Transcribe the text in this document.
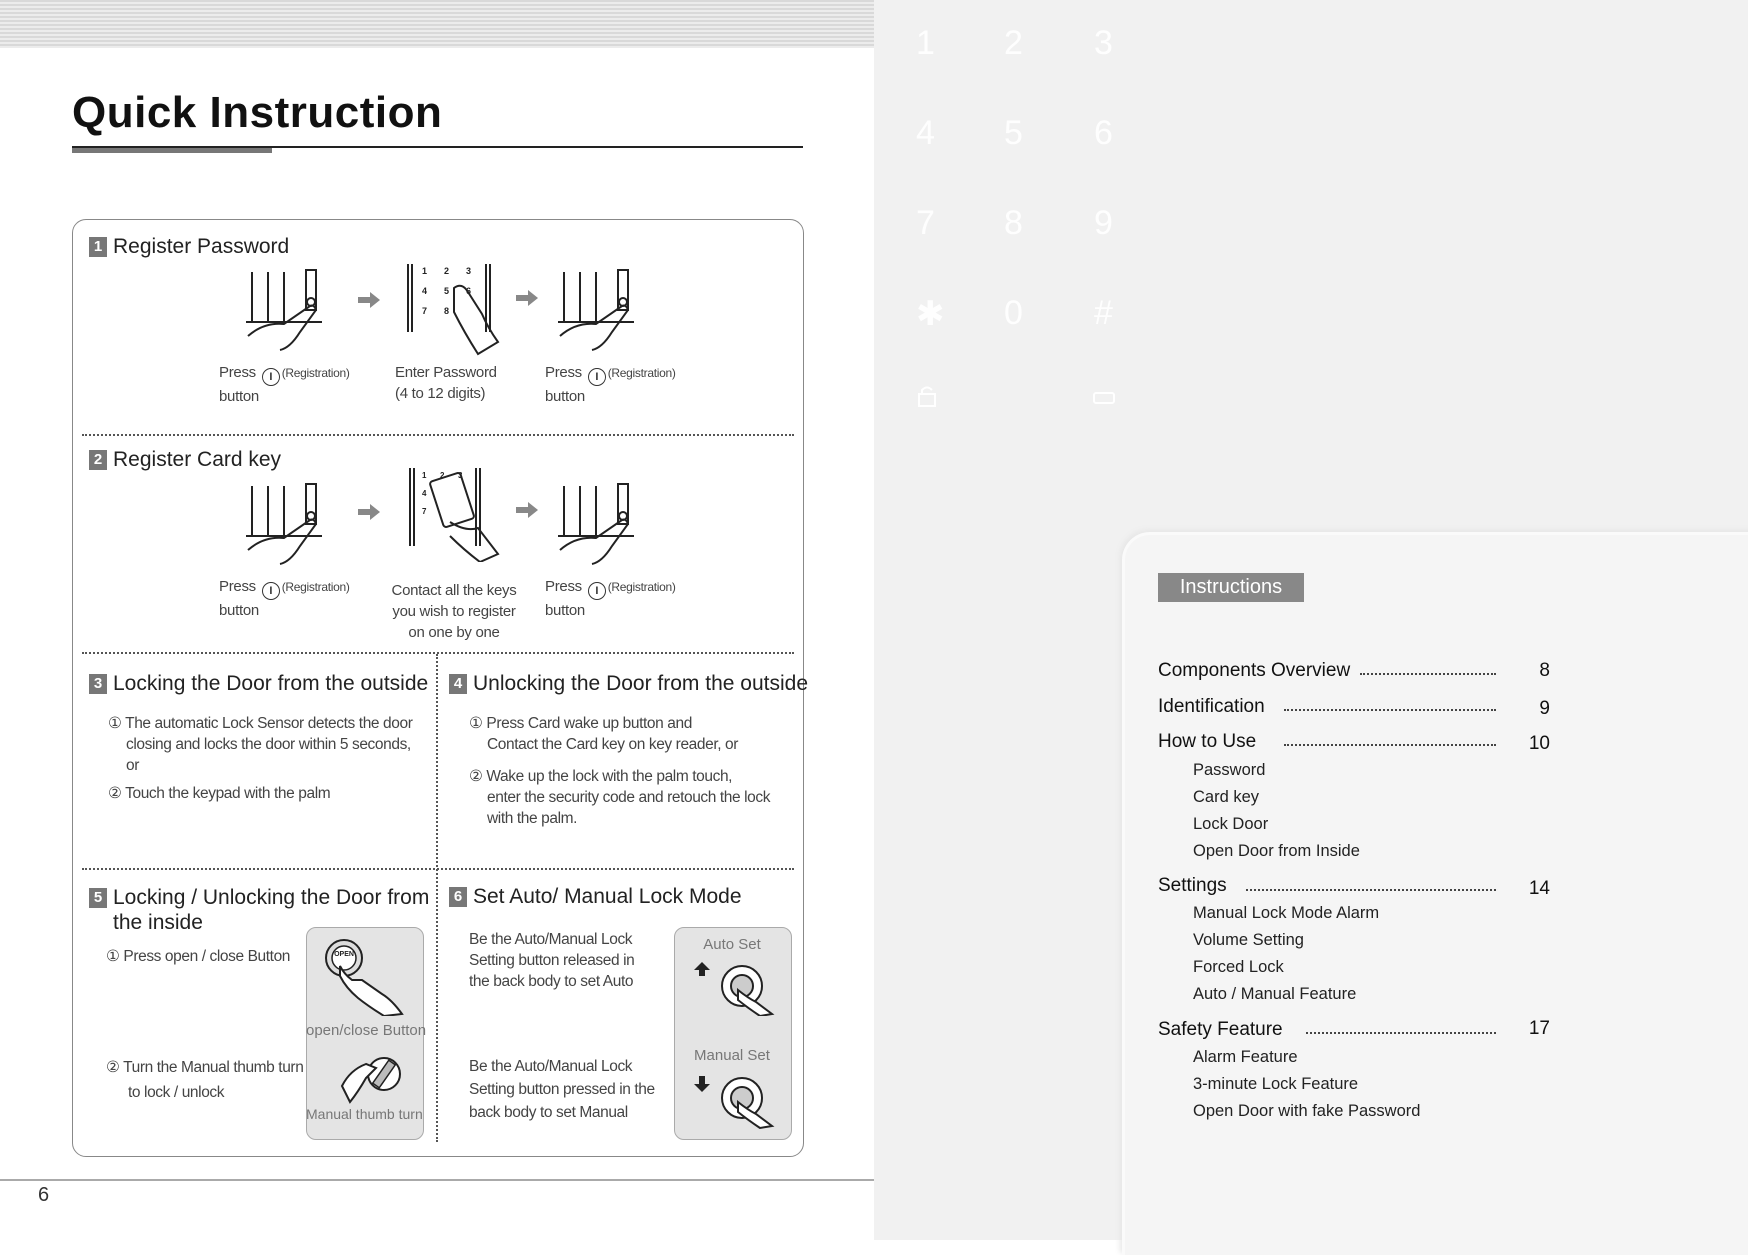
Quick Instruction
1 Register Password
1 2 3
4 5 6
7 8
Press I (Registration)
button
Enter Password
(4 to 12 digits)
Press I (Registration)
button
2 Register Card key
1 2 3
4
7
Press I (Registration)
button
Contact all the keys
you wish to register
on one by one
Press I (Registration)
button
3 Locking the Door from the outside
① The automatic Lock Sensor detects the door
closing and locks the door within 5 seconds,
or
② Touch the keypad with the palm
4 Unlocking the Door from the outside
① Press Card wake up button and
Contact the Card key on key reader, or
② Wake up the lock with the palm touch,
enter the security code and retouch the lock
with the palm.
5 Locking / Unlocking the Door from
the inside
① Press open / close Button
② Turn the Manual thumb turn
to lock / unlock
OPEN
open/close Button
Manual thumb turn
6 Set Auto/ Manual Lock Mode
Be the Auto/Manual Lock
Setting button released in
the back body to set Auto
Be the Auto/Manual Lock
Setting button pressed in the
back body to set Manual
Auto Set
Manual Set
6
1 2 3
4 5 6
7 8 9
✱ 0 #
Instructions
Components Overview	8
Identification	9
How to Use	10
Password
Card key
Lock Door
Open Door from Inside
Settings	14
Manual Lock Mode Alarm
Volume Setting
Forced Lock
Auto / Manual Feature
Safety Feature	17
Alarm Feature
3-minute Lock Feature
Open Door with fake Password
